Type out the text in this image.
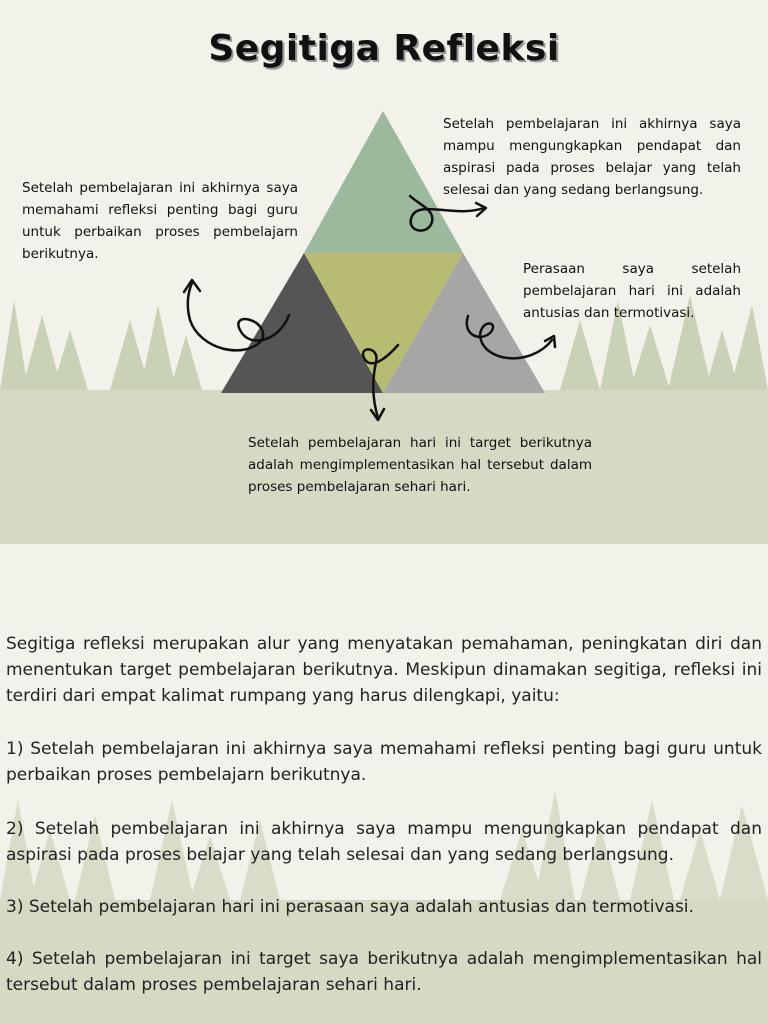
Segitiga Refleksi
Setelah pembelajaran ini akhirnya saya memahami refleksi penting bagi guru untuk perbaikan proses pembelajarn berikutnya.
Setelah pembelajaran ini akhirnya saya mampu mengungkapkan pendapat dan aspirasi pada proses belajar yang telah selesai dan yang sedang berlangsung.
Perasaan saya setelah pembelajaran hari ini adalah antusias dan termotivasi.
Setelah pembelajaran hari ini target berikutnya adalah mengimplementasikan hal tersebut dalam proses pembelajaran sehari hari.
Segitiga refleksi merupakan alur yang menyatakan pemahaman, peningkatan diri dan menentukan target pembelajaran berikutnya. Meskipun dinamakan segitiga, refleksi ini terdiri dari empat kalimat rumpang yang harus dilengkapi, yaitu:
1) Setelah pembelajaran ini akhirnya saya memahami refleksi penting bagi guru untuk perbaikan proses pembelajarn berikutnya.
2) Setelah pembelajaran ini akhirnya saya mampu mengungkapkan pendapat dan aspirasi pada proses belajar yang telah selesai dan yang sedang berlangsung.
3) Setelah pembelajaran hari ini perasaan saya adalah antusias dan termotivasi.
4) Setelah pembelajaran ini target saya berikutnya adalah mengimplementasikan hal tersebut dalam proses pembelajaran sehari hari.
